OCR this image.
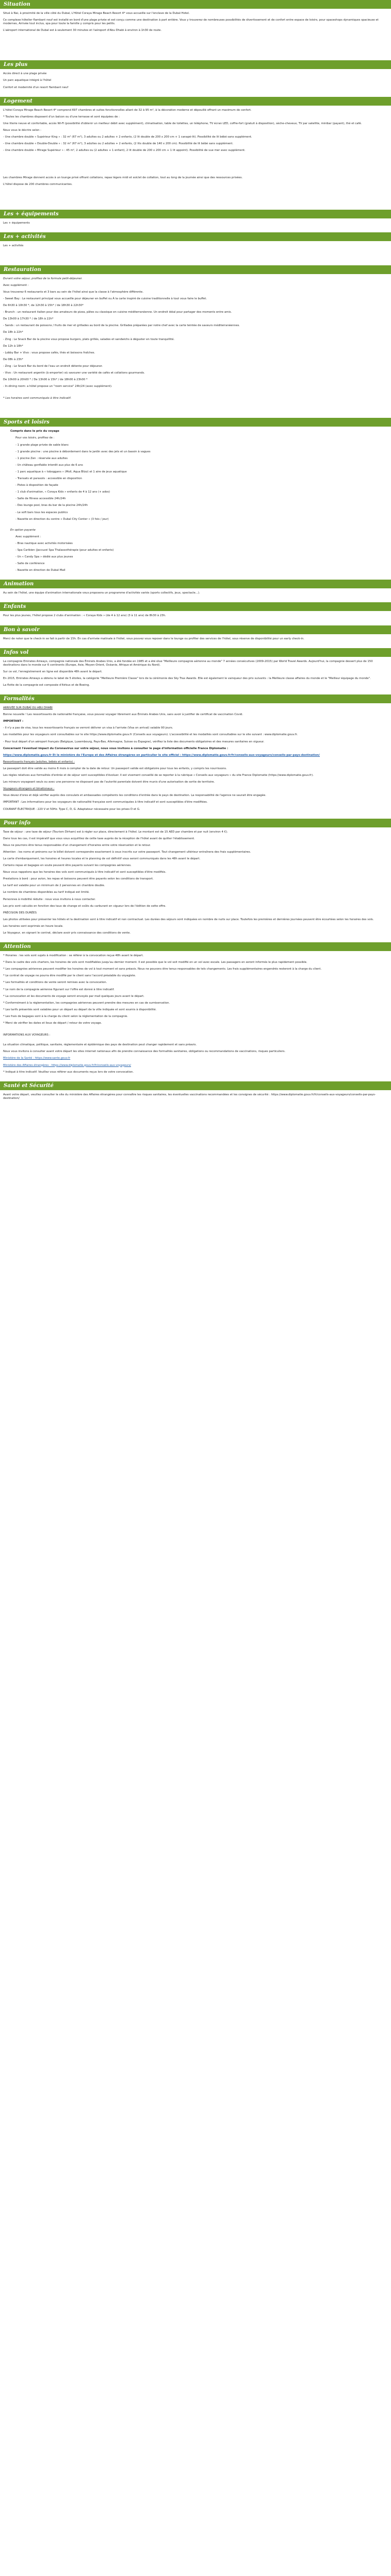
Situation

Situé à Nai, à proximité de la ville côté du Dubaï, L'Hôtel Coraya Mirage Beach Resort 4* vous accueille sur l'enclave de la Dubaï Hotel.

Ce complexe hôtelier flambant neuf est installé en bord d'une plage privée et est conçu comme une destination à part entière. Vous y trouverez de nombreuses possibilités de divertissement et de confort entre espace de loisirs, pour spaceshops dynamiques spacieuse et modernes, Arrivée tout inclus, spa pour toute la famille y compris pour les petits.

L'aéroport international de Dubaï est à seulement 30 minutes et l'aéroport d'Abu Dhabi à environ à 1h30 de route.

Les plus

Accès direct à une plage privée

Un parc aquatique intégré à l'hôtel

Confort et modernité d'un resort flambant neuf

Logement

L'hôtel Coraya Mirage Beach Resort 4* comprend 697 chambres et suites fonctionnelles allant de 32 à 95 m², à la décoration moderne et dépouillé offrant un maximum de confort.

* Toutes les chambres disposent d'un balcon ou d'une terrasse et sont équipées de :

Une literie neuve et confortable, accès Wi-Fi (possibilité d'obtenir un meilleur débit avec supplément), climatisation, table de toilettes, un téléphone, TV écran LED, coffre-fort (gratuit à disposition), sèche-cheveux, TV par satellite, minibar (payant), thé et café.

Nous vous le décrire selon :

- Une chambre double « Supérieur King » : 32 m² (67 m²), 3 adultes ou 2 adultes + 2 enfants, (2 lit double de 200 x 200 cm + 1 canapé-lit). Possibilité de lit bébé sans supplément.

- Une chambre double « Double-Double » : 32 m² (67 m²), 3 adultes ou 2 adultes + 2 enfants, (2 lits double de 140 x 200 cm). Possibilité de lit bébé sans supplément.

- Une chambre double « Mirage Supérieur » : 45 m², 2 adultes ou (2 adultes + 1 enfant), 2 lit double de 200 x 200 cm + 1 lit appoint). Possibilité de vue mer avec supplément.

Les chambres Mirage donnent accès à un lounge privé offrant collations, repas légers midi et soir/et de collation, tout au long de la journée ainsi que des ressources privées.

L'hôtel dispose de 200 chambres communicantes.

Les + équipements

Les + équipements

Les + activités

Les + activités

Restauration

Durant votre séjour, profitez de la formule petit-déjeuner.

Avec supplément :

Vous trouverez 6 restaurants et 3 bars au sein de l'hôtel ainsi que la classe à l'atmosphère différente.

- Sweet Bay : Le restaurant principal vous accueille pour déjeuner en buffet ou À la carte inspiré de cuisine traditionnelle à tout vous faire le buffet.

De 6h30 à 10h30 *, de 12h30 à 15h* / de 18h30 à 22h30*

- Brunch : un restaurant italien pour des amateurs de pizza, pâtes ou classique en cuisine méditerranéenne. Un endroit idéal pour partager des moments entre amis.

De 13h00 à 17h30 * / de 18h à 22h*

- Sands : un restaurant de poissons / fruits de mer et grillades au bord de la piscine. Grillades préparées par notre chef avec la carte teintée de saveurs méditerranéennes.

De 18h à 22h*

- Zing : Le Snack Bar de la piscine vous propose burgers, plats grillés, salades et sandwichs à déguster en toute tranquillité.

De 12h à 18h*

- Lobby Bar + Vivo : vous propose cafés, thés et boissons fraîches.

De 08h à 23h*

- Zing : Le Snack Bar du bord de l'eau un endroit détente pour déjeuner.

- Vivo : Un restaurant argentin (à emporter) où savourer une variété de cafés et collations gourmands.

De 10h00 à 20h00 * / De 13h00 à 15h* / de 18h00 à 23h00 *

- In-dining room: a hôtel propose un "room service" 24h/24 (avec supplément).

* Les horaires sont communiqués à titre indicatif.

Sports et loisirs

Compris dans le prix du voyage

Pour vos loisirs, profitez de :

- 1 grande plage privée de sable blanc

- 1 grande piscine : une piscine à débordement dans le jardin avec des jets et un bassin à vagues

- 1 piscine Zen : réservée aux adultes

- Un château gonflable interdit aux plus de 6 ans

- 1 parc aquatique à « toboggans » (Moll, Aqua Blizz) et 1 aire de jeux aquatique

- Transats et parasols : accessible en disposition

- Pistes à disposition de façade

- 1 club d'animation, « Coraya Kids » enfants de 4 à 12 ans (+ ados)

- Salle de fitness accessible 24h/24h

- Des lounge pool, bras du bar de la piscine 24h/24h

- Le soft bars tous les espaces publics

- Navette en direction du centre « Dubaï City Center » (3 fois / jour)

En option payante

Avec supplément :

- Bras nautique avec activités motorisées

- Spa Caribien (Jaccuzzi Spa Thalassothérapie (pour adultes et enfants)

- Un « Candy Spa » dédié aux plus jeunes

- Salle de conférence

- Navette en direction de Dubaï Mall

Animation

Au sein de l'hôtel, une équipe d'animation internationale vous proposera un programme d'activités variés (sports collectifs, jeux, spectacle...).

Enfants

Pour les plus jeunes, l'hôtel propose 2 clubs d'animation : « Coraya Kids » (de 4 à 12 ans) (3 à 11 ans) de 8h30 à 23h.

Bon à savoir

Merci de noter que le check-in se fait à partir de 15h. En cas d'arrivée matinale à l'hôtel, vous pouvez vous reposer dans le lounge ou profiter des services de l'hôtel, sous réserve de disponibilité pour un early check-in.

Infos vol

La compagnie Emirates Airways, compagnie nationale des Émirats Arabes Unis, a été fondée en 1985 et a été élue "Meilleure compagnie aérienne au monde" 7 années consécutives (2009-2015) par World Travel Awards. Aujourd'hui, la compagnie dessert plus de 150 destinations dans le monde sur 6 continents (Europe, Asie, Moyen-Orient, Océanie, Afrique et Amérique du Nord).

Sur ce vol, l'enregistrement en ligne est disponible 48h avant le départ.

En 2015, Emirates Airways a obtenu le label de 5 étoiles, la catégorie "Meilleure Première Classe" lors de la cérémonie des Sky Trax Awards. Elle est également le vainqueur des prix suivants : la Meilleure classe affaires du monde et le "Meilleur équipage du monde".

La flotte de la compagnie est composée d'Airbus et de Boeing.

Formalités

ARRIVÉE SUR DUBAÏ OU ABU DHABI

Bonne nouvelle ! Les ressortissants de nationalité française, vous pouvez voyager librement aux Émirats Arabes Unis, sans avoir à justifier de certificat de vaccination Covid.

IMPORTANT :

- Il n'y a pas de visa, tous les ressortissants français se verront délivrer un visa à l'arrivée (Visa on arrival) valable 90 jours.

Les modalités pour les voyageurs sont consultables sur le site https://www.diplomatie.gouv.fr (Conseils aux voyageurs). L'accessibilité et les modalités sont consultables sur le site suivant : www.diplomatie.gouv.fr.

- Pour tout départ d'un aéroport français (Belgique, Luxembourg, Pays-Bas, Allemagne, Suisse ou Espagne), vérifiez la liste des documents obligatoires et des mesures sanitaires en vigueur.

Concernant l'éventuel impact du Coronavirus sur votre séjour, nous vous invitons à consulter le page d'information officielle France Diplomatie :

https://www.diplomatie.gouv.fr Et le ministère de l'Europe et des Affaires étrangères en particulier le site officiel : https://www.diplomatie.gouv.fr/fr/conseils-aux-voyageurs/conseils-par-pays-destination/

Ressortissants français (adultes, bébés et enfants) :

Le passeport doit être valide au moins 6 mois à compter de la date de retour. Un passeport valide est obligatoire pour tous les enfants, y compris les nourrissons.

Les règles relatives aux formalités d'entrée et de séjour sont susceptibles d'évoluer. Il est vivement conseillé de se reporter à la rubrique « Conseils aux voyageurs » du site France Diplomatie (https://www.diplomatie.gouv.fr).

Les mineurs voyageant seuls ou avec une personne ne disposant pas de l'autorité parentale doivent être munis d'une autorisation de sortie de territoire.

Voyageurs étrangers et binationaux :

Vous devez d'ores et déjà vérifier auprès des consulats et ambassades compétents les conditions d'entrée dans le pays de destination. La responsabilité de l'agence ne saurait être engagée.

IMPORTANT : Les informations pour les voyageurs de nationalité française sont communiquées à titre indicatif et sont susceptibles d'être modifiées.

COURANT ÉLECTRIQUE : 220 V et 50Hz. Type C, D, G. Adaptateur nécessaire pour les prises D et G.

Pour info

Taxe de séjour : une taxe de séjour (Tourism Dirham) est à régler sur place, directement à l'hôtel. Le montant est de 15 AED par chambre et par nuit (environ 4 €).

Dans tous les cas, il est impératif que vous vous acquittiez de cette taxe auprès de la réception de l'hôtel avant de quitter l'établissement.

Nous ne pourrons être tenus responsables d'un changement d'horaires entre votre réservation et le retour.

Attention : les noms et prénoms sur le billet doivent correspondre exactement à ceux inscrits sur votre passeport. Tout changement ultérieur entraînera des frais supplémentaires.

La carte d'embarquement, les horaires et heures locales et le planning de vol définitif vous seront communiqués dans les 48h avant le départ.

Certains repas et bagages en soute peuvent être payants suivant les compagnies aériennes.

Nous vous rappelons que les horaires des vols sont communiqués à titre indicatif et sont susceptibles d'être modifiés.

Prestations à bord : pour avion, les repas et boissons peuvent être payants selon les conditions de transport.

Le tarif est valable pour un minimum de 2 personnes en chambre double.

Le nombre de chambres disponibles au tarif indiqué est limité.

Personnes à mobilité réduite : nous vous invitons à nous contacter.

Les prix sont calculés en fonction des taux de change et coûts du carburant en vigueur lors de l'édition de cette offre.

PRÉCISION DES DURÉES

Les photos utilisées pour présenter les hôtels et la destination sont à titre indicatif et non contractuel. Les durées des séjours sont indiquées en nombre de nuits sur place. Toutefois les premières et dernières journées peuvent être écourtées selon les horaires des vols.

Les horaires sont exprimés en heure locale.

Le Voyageur, en signant le contrat, déclare avoir pris connaissance des conditions de vente.

Attention

* Horaires : les vols sont sujets à modification : se référer à la convocation reçue 48h avant le départ.

* Dans le cadre des vols charters, les horaires de vols sont modifiables jusqu'au dernier moment. Il est possible que le vol soit modifié en un vol avec escale. Les passagers en seront informés le plus rapidement possible.

* Les compagnies aériennes peuvent modifier les horaires de vol à tout moment et sans préavis. Nous ne pouvons être tenus responsables de tels changements. Les frais supplémentaires engendrés resteront à la charge du client.

* Le contrat de voyage ne pourra être modifié par le client sans l'accord préalable du voyagiste.

* Les formalités et conditions de vente seront remises avec la convocation.

* Le nom de la compagnie aérienne figurant sur l'offre est donné à titre indicatif.

* La convocation et les documents de voyage seront envoyés par mail quelques jours avant le départ.

* Conformément à la réglementation, les compagnies aériennes peuvent prendre des mesures en cas de surréservation.

* Les tarifs présentés sont valables pour un départ au départ de la ville indiquée et sont soumis à disponibilité.

* Les frais de bagages sont à la charge du client selon la réglementation de la compagnie.

* Merci de vérifier les dates et lieux de départ / retour de votre voyage.

INFORMATIONS AUX VOYAGEURS :

La situation climatique, politique, sanitaire, règlementaire et épidémique des pays de destination peut changer rapidement et sans préavis.

Nous vous invitons à consulter avant votre départ les sites internet nationaux afin de prendre connaissance des formalités sanitaires, obligations ou recommandations de vaccinations, risques particuliers.

Ministère de la Santé : https://www.sante.gouv.fr

Ministère des Affaires étrangères : https://www.diplomatie.gouv.fr/fr/conseils-aux-voyageurs/

* Indiqué à titre indicatif. Veuillez vous référer aux documents reçus lors de votre convocation.

Santé et Sécurité

Avant votre départ, veuillez consulter le site du ministère des Affaires étrangères pour connaître les risques sanitaires, les éventuelles vaccinations recommandées et les consignes de sécurité : https://www.diplomatie.gouv.fr/fr/conseils-aux-voyageurs/conseils-par-pays-destination/
